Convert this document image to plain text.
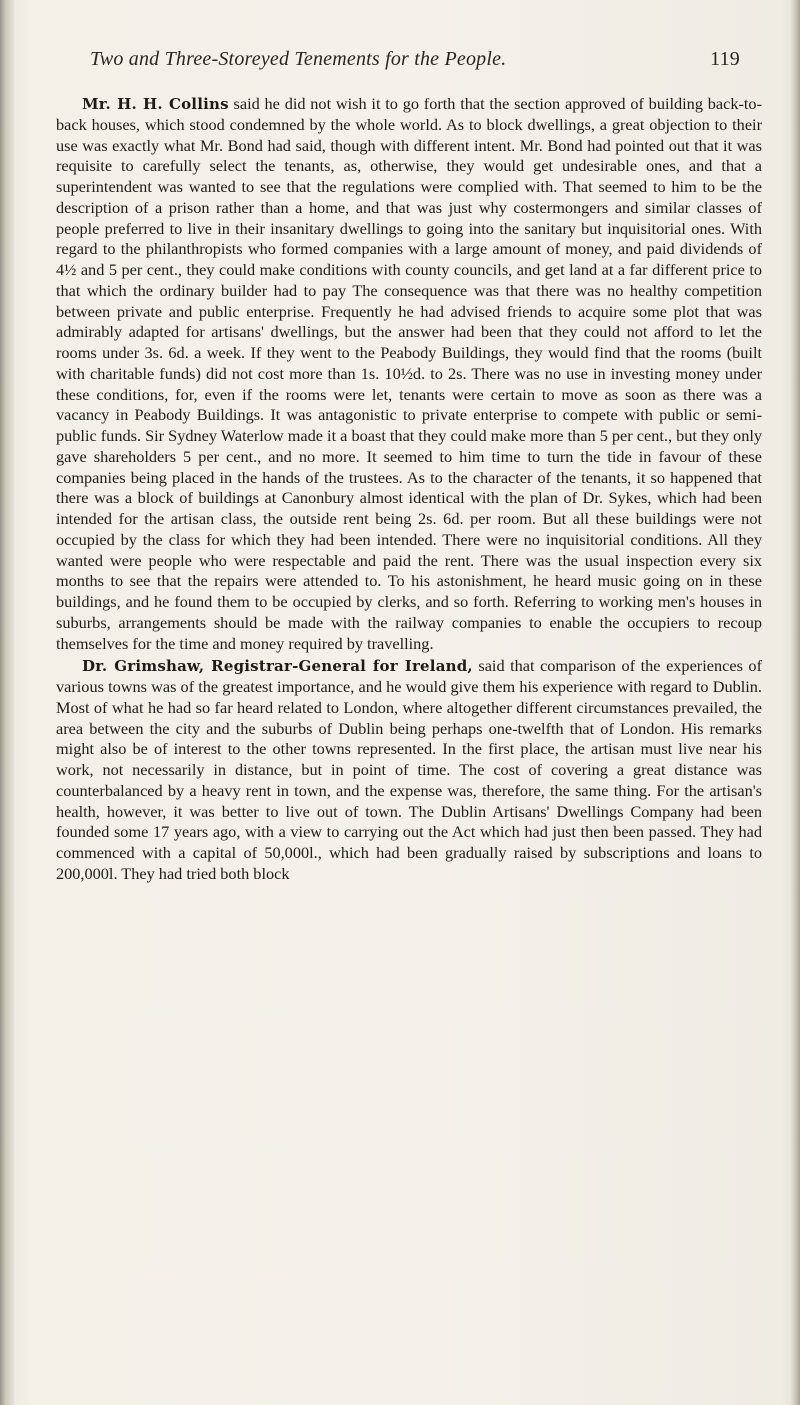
Two and Three-Storeyed Tenements for the People.	119

Mr. H. H. Collins said he did not wish it to go forth that the section approved of building back-to-back houses, which stood condemned by the whole world. As to block dwellings, a great objection to their use was exactly what Mr. Bond had said, though with different intent. Mr. Bond had pointed out that it was requisite to carefully select the tenants, as, otherwise, they would get undesirable ones, and that a superintendent was wanted to see that the regulations were complied with. That seemed to him to be the description of a prison rather than a home, and that was just why costermongers and similar classes of people preferred to live in their insanitary dwellings to going into the sanitary but inquisitorial ones. With regard to the philanthropists who formed companies with a large amount of money, and paid dividends of 4½ and 5 per cent., they could make conditions with county councils, and get land at a far different price to that which the ordinary builder had to pay The consequence was that there was no healthy competition between private and public enterprise. Frequently he had advised friends to acquire some plot that was admirably adapted for artisans' dwellings, but the answer had been that they could not afford to let the rooms under 3s. 6d. a week. If they went to the Peabody Buildings, they would find that the rooms (built with charitable funds) did not cost more than 1s. 10½d. to 2s. There was no use in investing money under these conditions, for, even if the rooms were let, tenants were certain to move as soon as there was a vacancy in Peabody Buildings. It was antagonistic to private enterprise to compete with public or semi-public funds. Sir Sydney Waterlow made it a boast that they could make more than 5 per cent., but they only gave shareholders 5 per cent., and no more. It seemed to him time to turn the tide in favour of these companies being placed in the hands of the trustees. As to the character of the tenants, it so happened that there was a block of buildings at Canonbury almost identical with the plan of Dr. Sykes, which had been intended for the artisan class, the outside rent being 2s. 6d. per room. But all these buildings were not occupied by the class for which they had been intended. There were no inquisitorial conditions. All they wanted were people who were respectable and paid the rent. There was the usual inspection every six months to see that the repairs were attended to. To his astonishment, he heard music going on in these buildings, and he found them to be occupied by clerks, and so forth. Referring to working men's houses in suburbs, arrangements should be made with the railway companies to enable the occupiers to recoup themselves for the time and money required by travelling.

Dr. Grimshaw, Registrar-General for Ireland, said that comparison of the experiences of various towns was of the greatest importance, and he would give them his experience with regard to Dublin. Most of what he had so far heard related to London, where altogether different circumstances prevailed, the area between the city and the suburbs of Dublin being perhaps one-twelfth that of London. His remarks might also be of interest to the other towns represented. In the first place, the artisan must live near his work, not necessarily in distance, but in point of time. The cost of covering a great distance was counterbalanced by a heavy rent in town, and the expense was, therefore, the same thing. For the artisan's health, however, it was better to live out of town. The Dublin Artisans' Dwellings Company had been founded some 17 years ago, with a view to carrying out the Act which had just then been passed. They had commenced with a capital of 50,000l., which had been gradually raised by subscriptions and loans to 200,000l. They had tried both block
